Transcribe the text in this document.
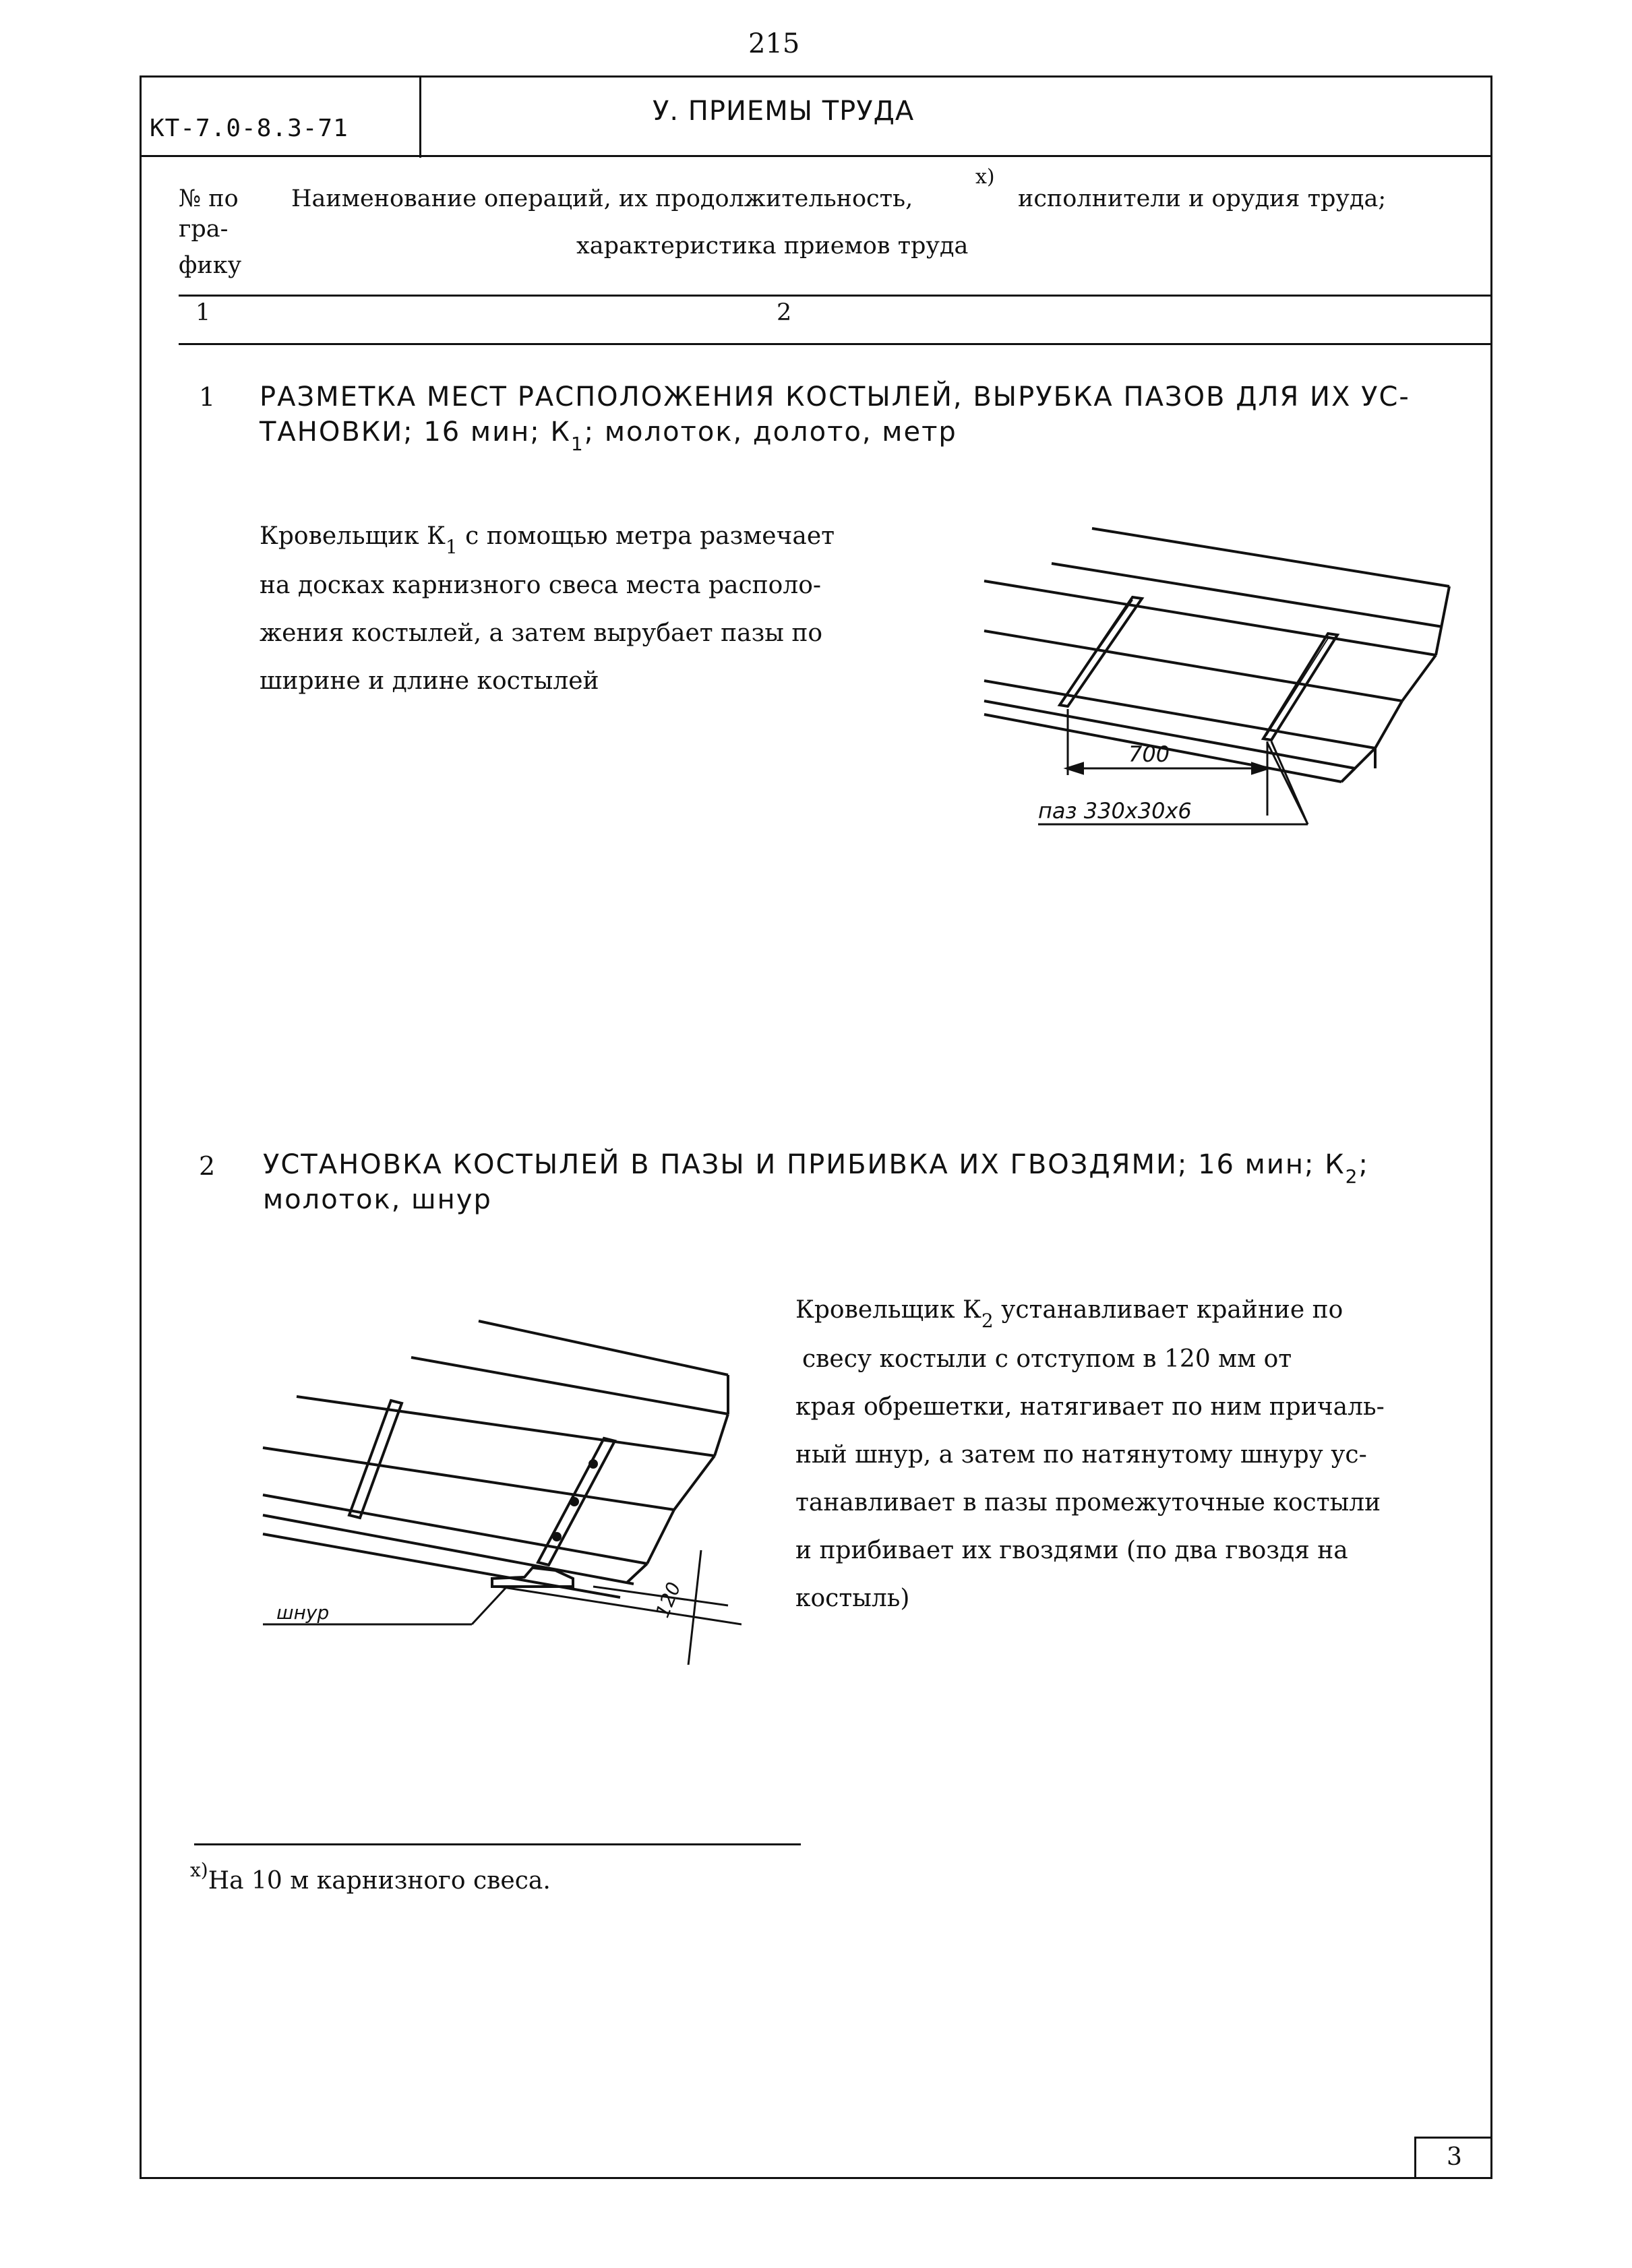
215
КТ-7.0-8.3-71
У. ПРИЕМЫ ТРУДА
№ по
гра-
фику
Наименование операций, их продолжительность,
x)
исполнители и орудия труда;
характеристика приемов труда
1	2
1 РАЗМЕТКА МЕСТ РАСПОЛОЖЕНИЯ КОСТЫЛЕЙ, ВЫРУБКА ПАЗОВ ДЛЯ ИХ УС-
ТАНОВКИ; 16 мин; $К_1$; молоток, долото, метр
Кровельщик $К_1$ с помощью метра размечает
на досках карнизного свеса места располо-
жения костылей, а затем вырубает пазы по
ширине и длине костылей
700
паз 330x30x6
2 УСТАНОВКА КОСТЫЛЕЙ В ПАЗЫ И ПРИБИВКА ИХ ГВОЗДЯМИ; 16 мин; $К_2$;
молоток, шнур
Кровельщик $К_2$ устанавливает крайние по
свесу костыли с отступом в 120 мм от
края обрешетки, натягивает по ним причаль-
ный шнур, а затем по натянутому шнуру ус-
танавливает в пазы промежуточные костыли
и прибивает их гвоздями (по два гвоздя на
костыль)
шнур	120
$^{x)}$На 10 м карнизного свеса.
3
